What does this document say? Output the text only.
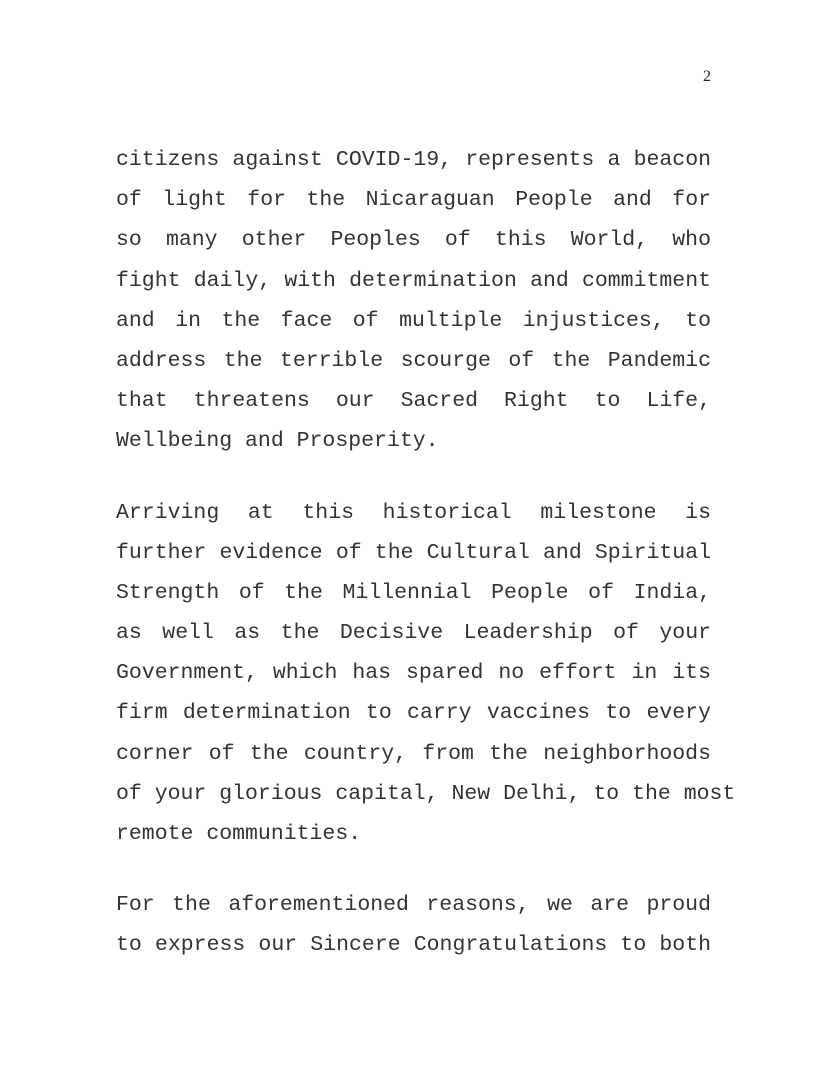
2
citizens against COVID-19, represents a beacon
of light for the Nicaraguan People and for
so many other Peoples of this World, who
fight daily, with determination and commitment
and in the face of multiple injustices, to
address the terrible scourge of the Pandemic
that threatens our Sacred Right to Life,
Wellbeing and Prosperity.
Arriving at this historical milestone is
further evidence of the Cultural and Spiritual
Strength of the Millennial People of India,
as well as the Decisive Leadership of your
Government, which has spared no effort in its
firm determination to carry vaccines to every
corner of the country, from the neighborhoods
of your glorious capital, New Delhi, to the most
remote communities.
For the aforementioned reasons, we are proud
to express our Sincere Congratulations to both
